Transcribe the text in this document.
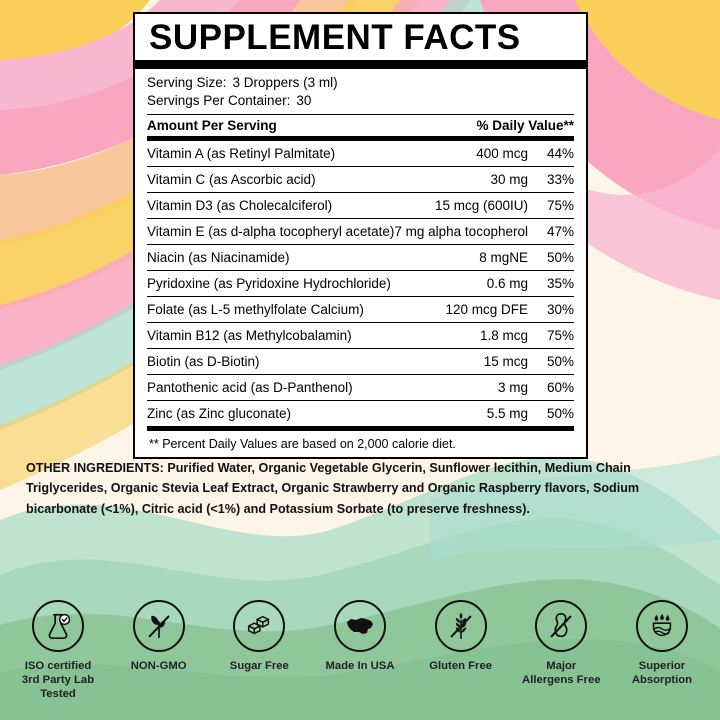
SUPPLEMENT FACTS
Serving Size: 3 Droppers (3 ml)
Servings Per Container: 30
Amount Per Serving	% Daily Value**
Vitamin A (as Retinyl Palmitate)	400 mcg	44%
Vitamin C (as Ascorbic acid)	30 mg	33%
Vitamin D3 (as Cholecalciferol)	15 mcg (600IU)	75%
Vitamin E (as d-alpha tocopheryl acetate)	7 mg alpha tocopherol	47%
Niacin (as Niacinamide)	8 mgNE	50%
Pyridoxine (as Pyridoxine Hydrochloride)	0.6 mg	35%
Folate (as L-5 methylfolate Calcium)	120 mcg DFE	30%
Vitamin B12 (as Methylcobalamin)	1.8 mcg	75%
Biotin (as D-Biotin)	15 mcg	50%
Pantothenic acid (as D-Panthenol)	3 mg	60%
Zinc (as Zinc gluconate)	5.5 mg	50%
** Percent Daily Values are based on 2,000 calorie diet.
OTHER INGREDIENTS: Purified Water, Organic Vegetable Glycerin, Sunflower lecithin, Medium Chain Triglycerides, Organic Stevia Leaf Extract, Organic Strawberry and Organic Raspberry flavors, Sodium bicarbonate (<1%), Citric acid (<1%) and Potassium Sorbate (to preserve freshness).
ISO certified
3rd Party Lab
Tested
NON-GMO	Sugar Free	Made In USA	Gluten Free	Major
Allergens Free
Superior
Absorption
